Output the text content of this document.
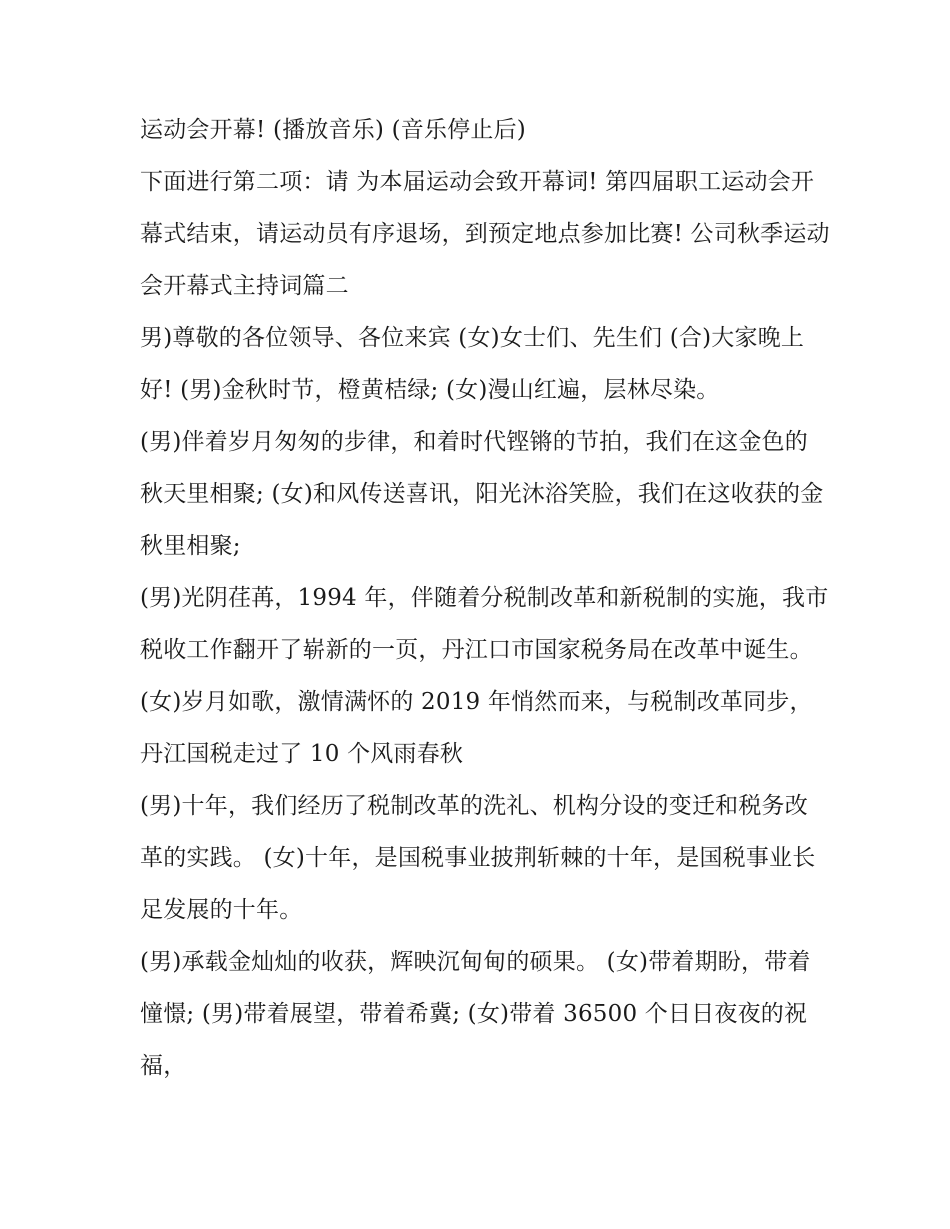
运动会开幕! (播放音乐) (音乐停止后)

下面进行第二项：请 为本届运动会致开幕词! 第四届职工运动会开幕式结束，请运动员有序退场，到预定地点参加比赛! 公司秋季运动会开幕式主持词篇二

男)尊敬的各位领导、各位来宾 (女)女士们、先生们 (合)大家晚上好! (男)金秋时节，橙黄桔绿; (女)漫山红遍，层林尽染。

(男)伴着岁月匆匆的步律，和着时代铿锵的节拍，我们在这金色的秋天里相聚; (女)和风传送喜讯，阳光沐浴笑脸，我们在这收获的金秋里相聚;

(男)光阴荏苒，1994 年，伴随着分税制改革和新税制的实施，我市税收工作翻开了崭新的一页，丹江口市国家税务局在改革中诞生。

(女)岁月如歌，激情满怀的 2019 年悄然而来，与税制改革同步，丹江国税走过了 10 个风雨春秋

(男)十年，我们经历了税制改革的洗礼、机构分设的变迁和税务改革的实践。 (女)十年，是国税事业披荆斩棘的十年，是国税事业长足发展的十年。

(男)承载金灿灿的收获，辉映沉甸甸的硕果。 (女)带着期盼，带着憧憬; (男)带着展望，带着希冀; (女)带着 36500 个日日夜夜的祝福，
